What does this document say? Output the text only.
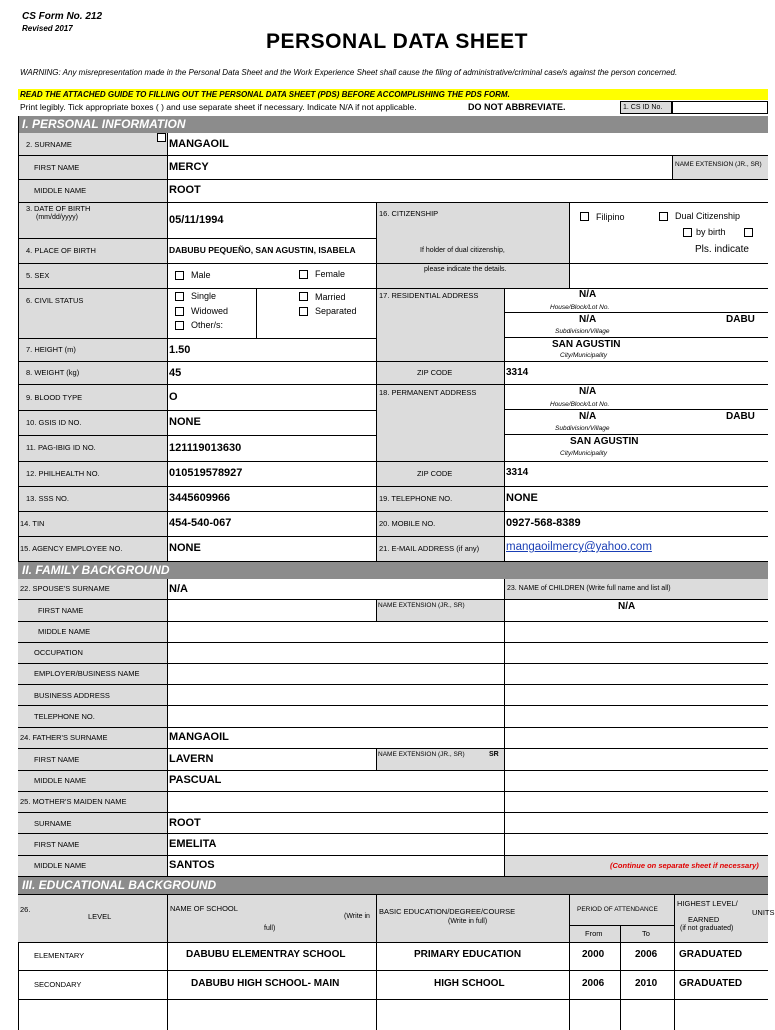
CS Form No. 212
Revised 2017
PERSONAL DATA SHEET
WARNING: Any misrepresentation made in the Personal Data Sheet and the Work Experience Sheet shall cause the filing of administrative/criminal case/s against the person concerned.
READ THE ATTACHED GUIDE TO FILLING OUT THE PERSONAL DATA SHEET (PDS) BEFORE ACCOMPLISHING THE PDS FORM.
Print legibly. Tick appropriate boxes ( ) and use separate sheet if necessary. Indicate N/A if not applicable.	DO NOT ABBREVIATE.	1. CS ID No.
I. PERSONAL INFORMATION
2. SURNAME	MANGAOIL
FIRST NAME	MERCY	NAME EXTENSION (JR., SR)
MIDDLE NAME	ROOT
3. DATE OF BIRTH
(mm/dd/yyyy)	05/11/1994
4. PLACE OF BIRTH	DABUBU PEQUEÑO, SAN AGUSTIN, ISABELA
5. SEX	Male	Female
6. CIVIL STATUS	Single	Married
Widowed	Separated
Other/s:
7. HEIGHT (m)	1.50
8. WEIGHT (kg)	45
9. BLOOD TYPE	O
10. GSIS ID NO.	NONE
11. PAG-IBIG ID NO.	121119013630
12. PHILHEALTH NO.	010519578927
13. SSS NO.	3445609966
14. TIN	454-540-067
15. AGENCY EMPLOYEE NO.	NONE
16. CITIZENSHIP
If holder of dual citizenship,
please indicate the details.
Filipino	Dual Citizenship
by birth
Pls. indicate
17. RESIDENTIAL ADDRESS	N/A
House/Block/Lot No.
N/A	DABU
Subdivision/Village
SAN AGUSTIN
City/Municipality
ZIP CODE	3314
18. PERMANENT ADDRESS	N/A
House/Block/Lot No.
N/A	DABU
Subdivision/Village
SAN AGUSTIN
City/Municipality
ZIP CODE	3314
19. TELEPHONE NO.	NONE
20. MOBILE NO.	0927-568-8389
21. E-MAIL ADDRESS (if any) mangaoilmercy@yahoo.com
II. FAMILY BACKGROUND
22. SPOUSE'S SURNAME	N/A
FIRST NAME
NAME EXTENSION (JR., SR)
MIDDLE NAME
OCCUPATION
EMPLOYER/BUSINESS NAME
BUSINESS ADDRESS
TELEPHONE NO.
23. NAME of CHILDREN (Write full name and list all)
N/A
24. FATHER'S SURNAME	MANGAOIL
FIRST NAME	LAVERN	NAME EXTENSION (JR., SR)	SR
MIDDLE NAME	PASCUAL
25. MOTHER'S MAIDEN NAME
SURNAME	ROOT
FIRST NAME	EMELITA
MIDDLE NAME	SANTOS	(Continue on separate sheet if necessary)
III. EDUCATIONAL BACKGROUND
26.
LEVEL
NAME OF SCHOOL
(Write in
full)
BASIC EDUCATION/DEGREE/COURSE
(Write in full)
PERIOD OF ATTENDANCE
From	To
HIGHEST LEVEL/
UNITS
EARNED
(if not graduated)
ELEMENTARY	DABUBU ELEMENTRAY SCHOOL	PRIMARY EDUCATION	2000	2006 GRADUATED
SECONDARY	DABUBU HIGH SCHOOL- MAIN	HIGH SCHOOL	2006	2010 GRADUATED
